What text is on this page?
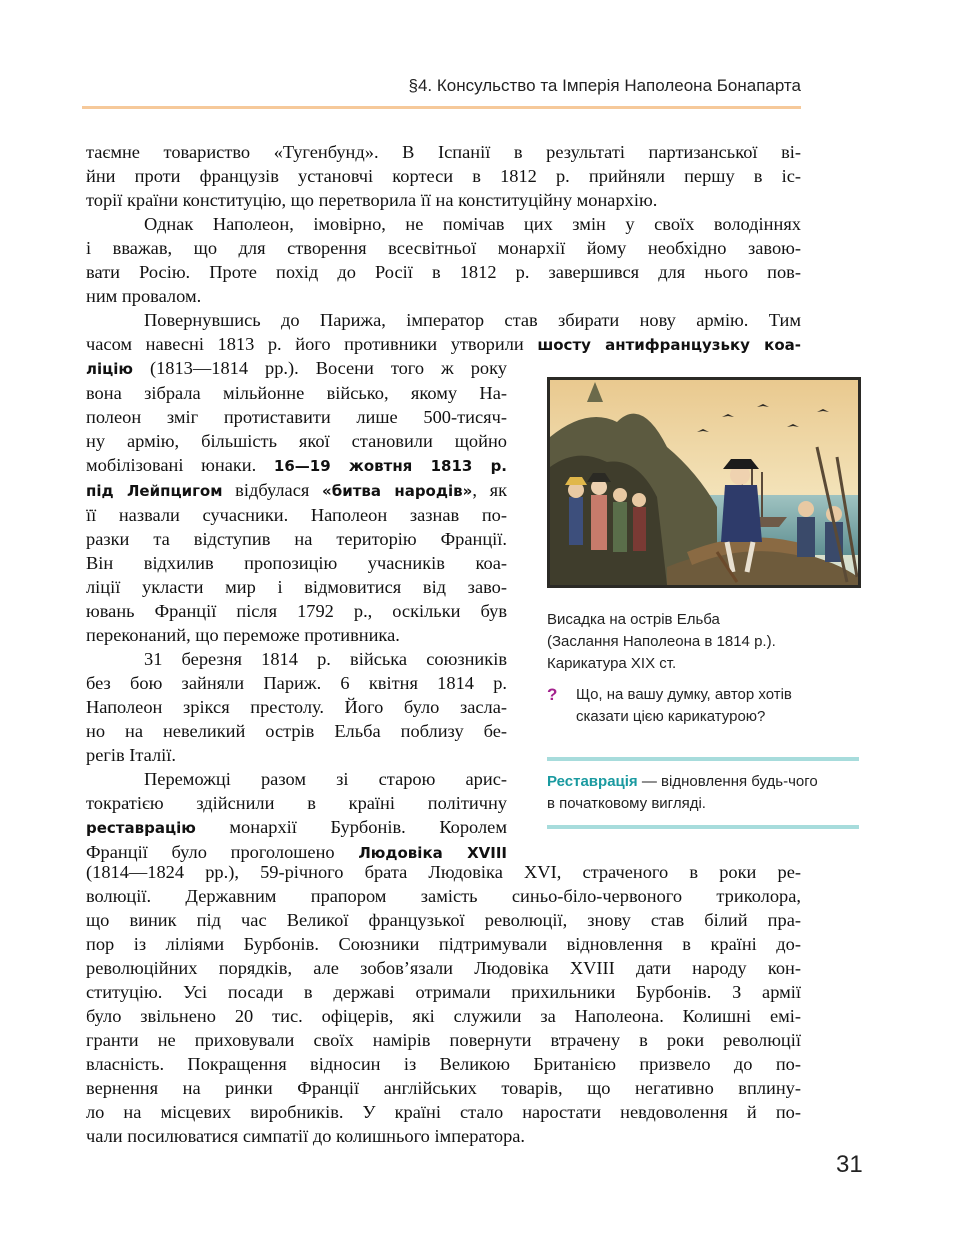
§4. Консульство та Імперія Наполеона Бонапарта
таємне товариство «Тугенбунд». В Іспанії в результаті партизанської ві-
йни проти французів установчі кортеси в 1812 р. прийняли першу в іс-
торії країни конституцію, що перетворила її на конституційну монархію.
Однак Наполеон, імовірно, не помічав цих змін у своїх володіннях
і вважав, що для створення всесвітньої монархії йому необхідно завою-
вати Росію. Проте похід до Росії в 1812 р. завершився для нього пов-
ним провалом.
Повернувшись до Парижа, імператор став збирати нову армію. Тим
часом навесні 1813 р. його противники утворили шосту антифранцузьку коа-
ліцію (1813—1814 рр.). Восени того ж року
вона зібрала мільйонне військо, якому На-
полеон зміг протиставити лише 500-тисяч-
ну армію, більшість якої становили щойно
мобілізовані юнаки. 16—19 жовтня 1813 р.
під Лейпцигом відбулася «битва народів», як
її назвали сучасники. Наполеон зазнав по-
разки та відступив на територію Франції.
Він відхилив пропозицію учасників коа-
ліції укласти мир і відмовитися від заво-
ювань Франції після 1792 р., оскільки був
переконаний, що переможе противника.
31 березня 1814 р. війська союзників
без бою зайняли Париж. 6 квітня 1814 р.
Наполеон зрікся престолу. Його було засла-
но на невеликий острів Ельба поблизу бе-
регів Італії.
Переможці разом зі старою арис-
тократією здійснили в країні політичну
реставрацію монархії Бурбонів. Королем
Франції було проголошено Людовіка XVIII
(1814—1824 рр.), 59-річного брата Людовіка XVI, страченого в роки ре-
волюції. Державним прапором замість синьо-біло-червоного триколора,
що виник під час Великої французької революції, знову став білий пра-
пор із ліліями Бурбонів. Союзники підтримували відновлення в країні до-
революційних порядків, але зобов’язали Людовіка XVIII дати народу кон-
ституцію. Усі посади в державі отримали прихильники Бурбонів. З армії
було звільнено 20 тис. офіцерів, які служили за Наполеона. Колишні емі-
гранти не приховували своїх намірів повернути втрачену в роки революції
власність. Покращення відносин із Великою Британією призвело до по-
вернення на ринки Франції англійських товарів, що негативно вплину-
ло на місцевих виробників. У країні стало наростати невдоволення й по-
чали посилюватися симпатії до колишнього імператора.
Висадка на острів Ельба
(Заслання Наполеона в 1814 р.).
Карикатура XIX ст.
? Що, на вашу думку, автор хотів
сказати цією карикатурою?
Реставрація — відновлення будь-чого
в початковому вигляді.
31
